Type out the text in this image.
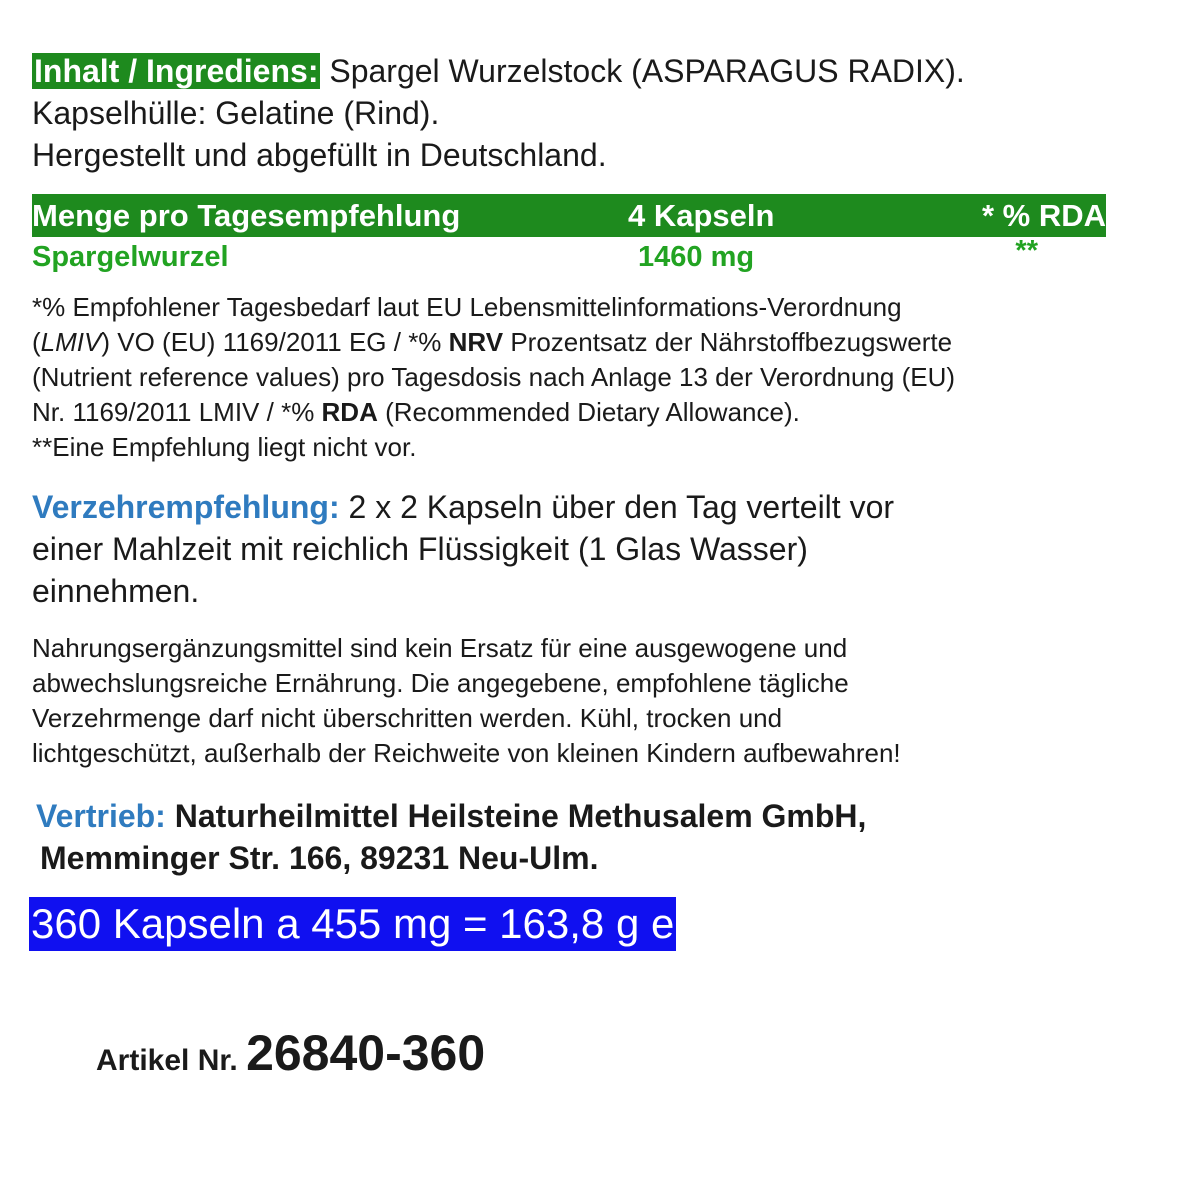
Inhalt / Ingrediens: Spargel Wurzelstock (ASPARAGUS RADIX).
Kapselhülle: Gelatine (Rind).
Hergestellt und abgefüllt in Deutschland.
Menge pro Tagesempfehlung	4 Kapseln	* % RDA
Spargelwurzel	1460 mg	**

*% Empfohlener Tagesbedarf laut EU Lebensmittelinformations-Verordnung

(LMIV) VO (EU) 1169/2011 EG / *% NRV Prozentsatz der Nährstoffbezugswerte

(Nutrient reference values) pro Tagesdosis nach Anlage 13 der Verordnung (EU)

Nr. 1169/2011 LMIV / *% RDA (Recommended Dietary Allowance).

**Eine Empfehlung liegt nicht vor.

Verzehrempfehlung: 2 x 2 Kapseln über den Tag verteilt vor
einer Mahlzeit mit reichlich Flüssigkeit (1 Glas Wasser)
einnehmen.
Nahrungsergänzungsmittel sind kein Ersatz für eine ausgewogene und
abwechslungsreiche Ernährung. Die angegebene, empfohlene tägliche
Verzehrmenge darf nicht überschritten werden. Kühl, trocken und
lichtgeschützt, außerhalb der Reichweite von kleinen Kindern aufbewahren!
Vertrieb: Naturheilmittel Heilsteine Methusalem GmbH,
Memminger Str. 166, 89231 Neu-Ulm.
360 Kapseln a 455 mg = 163,8 g e
Artikel Nr. 26840-360
